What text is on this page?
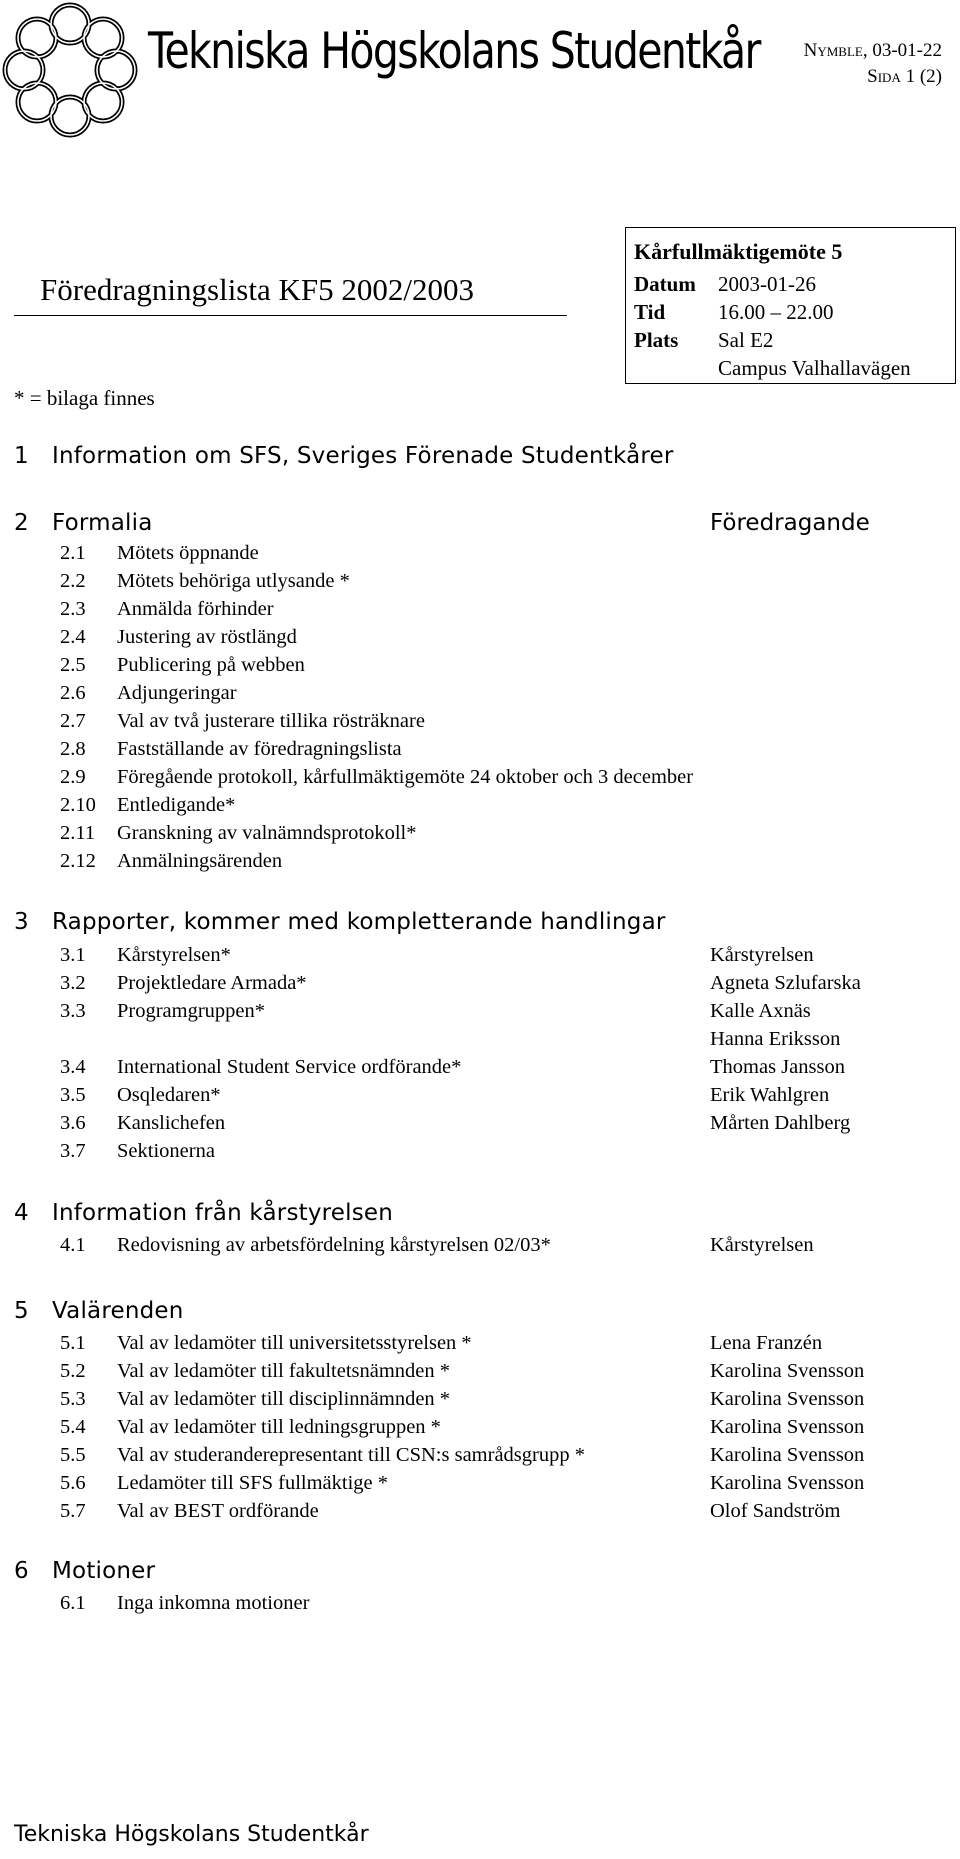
Tekniska Högskolans Studentkår Nymble, 03-01-22
Sida 1 (2)
Föredragningslista KF5 2002/2003
Kårfullmäktigemöte 5
Datum 2003-01-26
Tid	16.00 – 22.00
Plats Sal E2
Campus Valhallavägen
* = bilaga finnes
1 Information om SFS, Sveriges Förenade Studentkårer
2 Formalia	Föredragande
2.1 Mötets öppnande
2.2 Mötets behöriga utlysande *
2.3 Anmälda förhinder
2.4 Justering av röstlängd
2.5 Publicering på webben
2.6 Adjungeringar
2.7 Val av två justerare tillika rösträknare
2.8 Fastställande av föredragningslista
2.9 Föregående protokoll, kårfullmäktigemöte 24 oktober och 3 december
2.10 Entledigande*
2.11 Granskning av valnämndsprotokoll*
2.12 Anmälningsärenden
3 Rapporter, kommer med kompletterande handlingar
3.1 Kårstyrelsen*	Kårstyrelsen
3.2 Projektledare Armada*	Agneta Szlufarska
3.3 Programgruppen*	Kalle Axnäs
Hanna Eriksson
3.4 International Student Service ordförande*	Thomas Jansson
3.5 Osqledaren*	Erik Wahlgren
3.6 Kanslichefen	Mårten Dahlberg
3.7 Sektionerna
4 Information från kårstyrelsen
4.1 Redovisning av arbetsfördelning kårstyrelsen 02/03*	Kårstyrelsen
5 Valärenden
5.1 Val av ledamöter till universitetsstyrelsen *	Lena Franzén
5.2 Val av ledamöter till fakultetsnämnden *	Karolina Svensson
5.3 Val av ledamöter till disciplinnämnden *	Karolina Svensson
5.4 Val av ledamöter till ledningsgruppen *	Karolina Svensson
5.5 Val av studeranderepresentant till CSN:s samrådsgrupp *	Karolina Svensson
5.6 Ledamöter till SFS fullmäktige *	Karolina Svensson
5.7 Val av BEST ordförande	Olof Sandström
6 Motioner
6.1 Inga inkomna motioner
Tekniska Högskolans Studentkår
